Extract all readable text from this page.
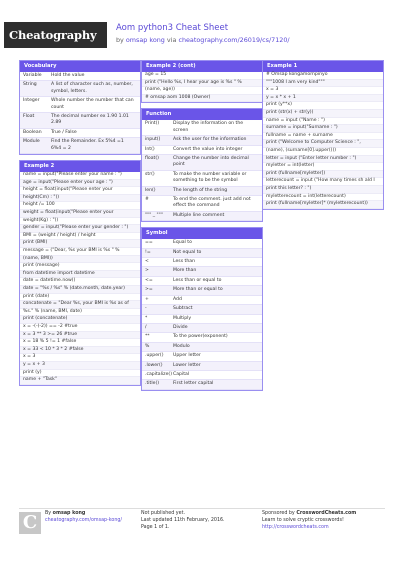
Cheatography	Aom python3 Cheat Sheet
by omsap kong via cheatography.com/26019/cs/7120/
Vocabulary
Variable	Hold the value
String	A list of character such as, number, symbol, letters.
Integer	Whole number the number that can count
Float	The decimal number ex 1.90 1.01 2.89
Boolean	True / False
Module	Find the Remainder. Ex 5%4 =1
6%4 = 2
Example 2
name = input("Please enter your name : ")
age = input("Please enter your age : ")
height = float(input("Please enter your
height(Cm) : "))
height /= 100
weight = float(input("Please enter your
weight(Kg) : "))
gender = input("Please enter your gender : ")
BMI = (weight / height) / height
print (BMI)
message = ("Dear, %s your BMI is %s " %
(name, BMI))
print (message)
from datetime import datetime
date = datetime.now()
date = "%s / %s" % (date.month, date.year)
print (date)
concatenate = "Dear %s, your BMI is %s as of
%s." % (name, BMI, date)
print (concatenate)
x = -(-(-2)) == -2 #true
x = 3 ** 3 >= 26 #true
x = 18 % 5 != 1 #false
x = 33 < 10 * 3 * 2 #false
x = 3
y = x + 3
print (y)
name + "Task"
Example 2 (cont)
age = 15
print ("Hello %s, I hear your age is %s " %
(name, age))
# omsap aom 1008 (Owner)
Function
Print()	Display the information on the screen
input()	Ask the user for the information
Int()	Convert the value into integer
float()	Change the number into decimal point
str()	To make the number variable or something to be the symbol
len()	The length of the string
#	To end the comment. just add not effect the command
""" _ """	Multiple line comment
Symbol
==	Equal to
!=	Not equal to
<	Less than
>	More than
<=	Less than or equal to
>=	More than or equal to
+	Add
-	Subtract
*	Multiply
/	Divide
**	To the power(exponent)
%	Modulo
.upper()	Upper letter
.lower()	Lower letter
.capitalize() Capital
.title()	First letter capital
Example 1
# Omsap kongamornpinyo
"""1008 I am very kind"""
x = 3
y = x * x + 1
print (y**x)
print (str(x) + str(y))
name = input ("Name : ")
surname = input("Surname : ")
fullname = name + surname
print ("Welcome to Computer Science : ",
(name), (surname[0].upper()))
letter = input ("Enter letter number : ")
myletter = int(letter)
print (fullname[myletter])
letterecount = input ("How many times sh ald I
print this letter? : ")
myletterecount = int(letterecount)
print (fullname[myletter]* (myletterecount))
C	By omsap kong
cheatography.com/omsap-kong/
Not published yet.
Last updated 11th February, 2016.
Page 1 of 1.
Sponsored by CrosswordCheats.com
Learn to solve cryptic crosswords!
http://crosswordcheats.com
